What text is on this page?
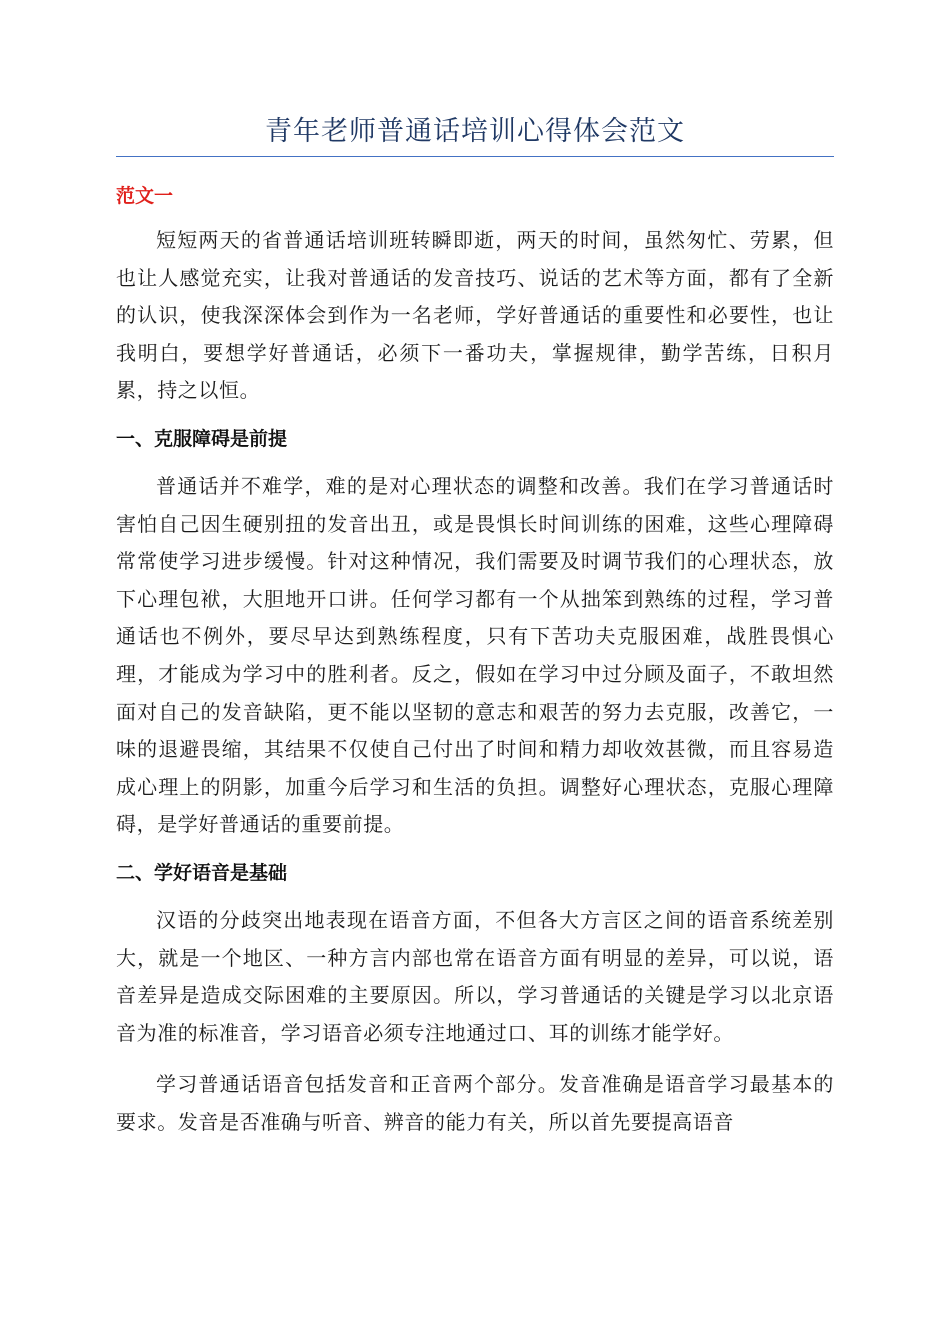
青年老师普通话培训心得体会范文
范文一

短短两天的省普通话培训班转瞬即逝，两天的时间，虽然匆忙、劳累，但也让人感觉充实，让我对普通话的发音技巧、说话的艺术等方面，都有了全新的认识，使我深深体会到作为一名老师，学好普通话的重要性和必要性，也让我明白，要想学好普通话，必须下一番功夫，掌握规律，勤学苦练，日积月累，持之以恒。

一、克服障碍是前提

普通话并不难学，难的是对心理状态的调整和改善。我们在学习普通话时害怕自己因生硬别扭的发音出丑，或是畏惧长时间训练的困难，这些心理障碍常常使学习进步缓慢。针对这种情况，我们需要及时调节我们的心理状态，放下心理包袱，大胆地开口讲。任何学习都有一个从拙笨到熟练的过程，学习普通话也不例外，要尽早达到熟练程度，只有下苦功夫克服困难，战胜畏惧心理，才能成为学习中的胜利者。反之，假如在学习中过分顾及面子，不敢坦然面对自己的发音缺陷，更不能以坚韧的意志和艰苦的努力去克服，改善它，一味的退避畏缩，其结果不仅使自己付出了时间和精力却收效甚微，而且容易造成心理上的阴影，加重今后学习和生活的负担。调整好心理状态，克服心理障碍，是学好普通话的重要前提。

二、学好语音是基础

汉语的分歧突出地表现在语音方面，不但各大方言区之间的语音系统差别大，就是一个地区、一种方言内部也常在语音方面有明显的差异，可以说，语音差异是造成交际困难的主要原因。所以，学习普通话的关键是学习以北京语音为准的标准音，学习语音必须专注地通过口、耳的训练才能学好。

学习普通话语音包括发音和正音两个部分。发音准确是语音学习最基本的要求。发音是否准确与听音、辨音的能力有关，所以首先要提高语音
